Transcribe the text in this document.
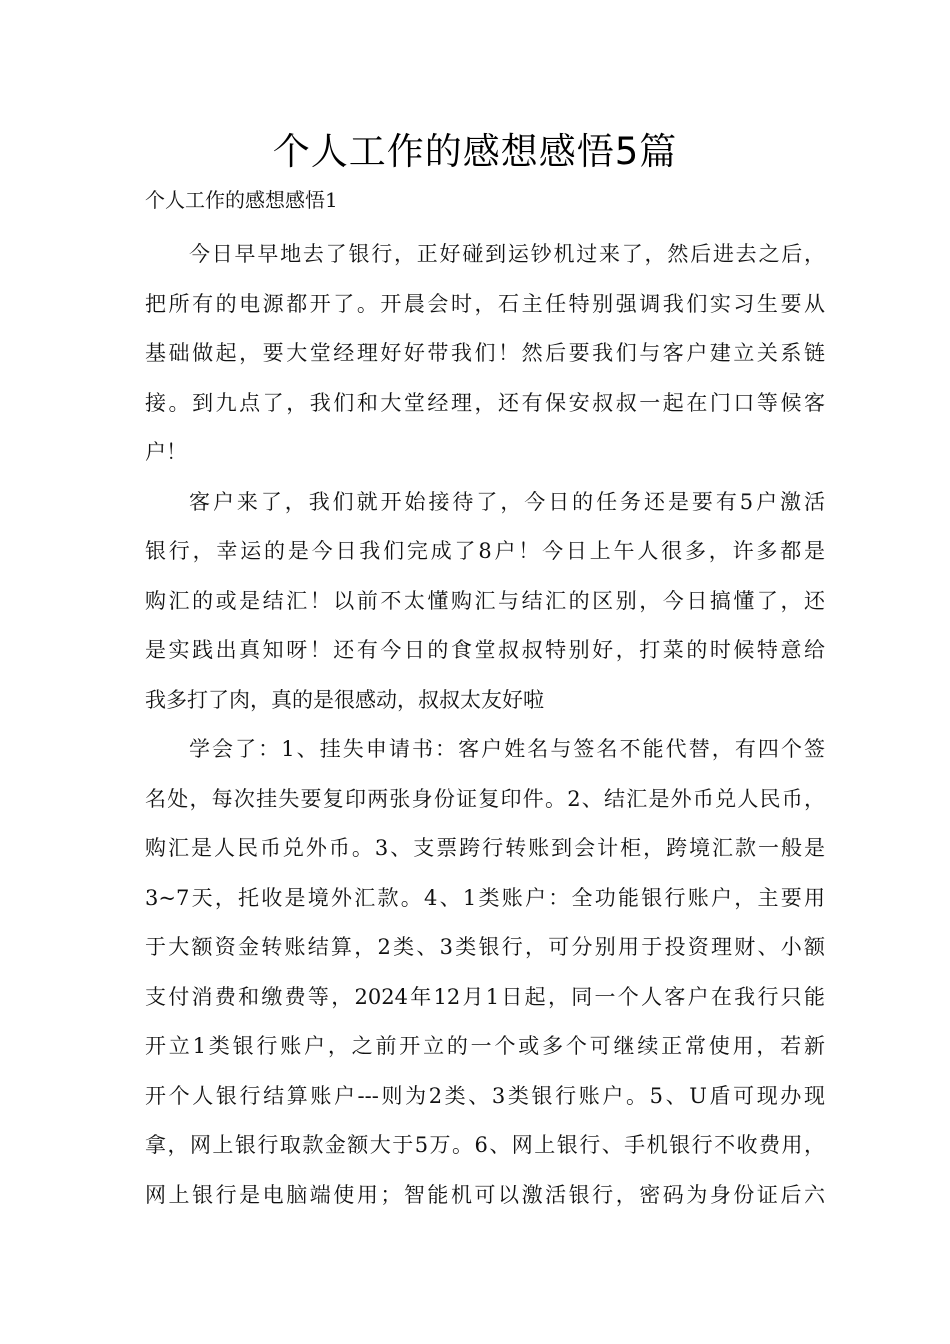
个人工作的感想感悟5篇

个人工作的感想感悟1

今日早早地去了银行，正好碰到运钞机过来了，然后进去之后，
把所有的电源都开了。开晨会时，石主任特别强调我们实习生要从
基础做起，要大堂经理好好带我们！然后要我们与客户建立关系链
接。到九点了，我们和大堂经理，还有保安叔叔一起在门口等候客
户！

客户来了，我们就开始接待了，今日的任务还是要有5户激活
银行，幸运的是今日我们完成了8户！今日上午人很多，许多都是
购汇的或是结汇！以前不太懂购汇与结汇的区别，今日搞懂了，还
是实践出真知呀！还有今日的食堂叔叔特别好，打菜的时候特意给
我多打了肉，真的是很感动，叔叔太友好啦

学会了：1、挂失申请书：客户姓名与签名不能代替，有四个签
名处，每次挂失要复印两张身份证复印件。2、结汇是外币兑人民币，
购汇是人民币兑外币。3、支票跨行转账到会计柜，跨境汇款一般是
3~7天，托收是境外汇款。4、1类账户：全功能银行账户，主要用
于大额资金转账结算，2类、3类银行，可分别用于投资理财、小额
支付消费和缴费等，2024年12月1日起，同一个人客户在我行只能
开立1类银行账户，之前开立的一个或多个可继续正常使用，若新
开个人银行结算账户---则为2类、3类银行账户。5、U盾可现办现
拿，网上银行取款金额大于5万。6、网上银行、手机银行不收费用，
网上银行是电脑端使用；智能机可以激活银行，密码为身份证后六
